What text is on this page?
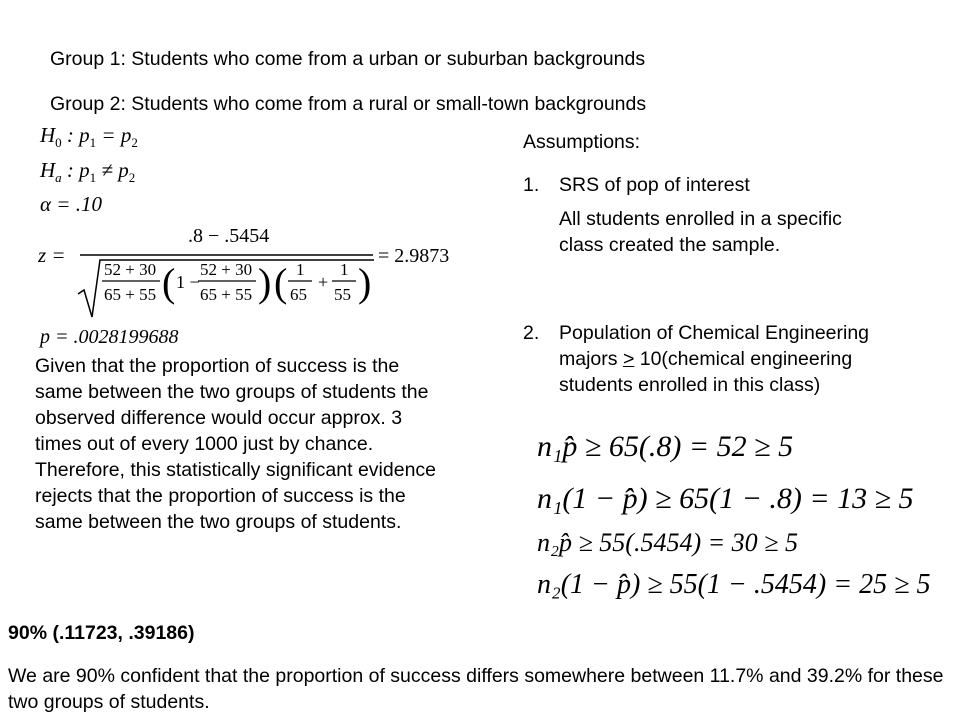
Group 1: Students who come from a urban or suburban backgrounds
Group 2: Students who come from a rural or small-town backgrounds
$H_0$ : $p_1 = p_2$
$H_a$ : $p_1 \ne p_2$
α = .10
z =
.8 − .5454
52 + 30
65 + 55 ( 1 −
52 + 30
65 + 55 ) ( 1
65
+
1
55 )
= 2.9873
p = .0028199688
Given that the proportion of success is the same between the two groups of students the observed difference would occur approx. 3 times out of every 1000 just by chance. Therefore, this statistically significant evidence rejects that the proportion of success is the same between the two groups of students.
Assumptions:
1. SRS of pop of interest
All students enrolled in a specific class created the sample.
2. Population of Chemical Engineering majors > 10(chemical engineering students enrolled in this class)
n₁p̂ ≥ 65(.8) = 52 ≥ 5
n₁(1 − p̂) ≥ 65(1 − .8) = 13 ≥ 5
n₂p̂ ≥ 55(.5454) = 30 ≥ 5
n₂(1 − p̂) ≥ 55(1 − .5454) = 25 ≥ 5
90% (.11723, .39186)
We are 90% confident that the proportion of success differs somewhere between 11.7% and 39.2% for these two groups of students.
